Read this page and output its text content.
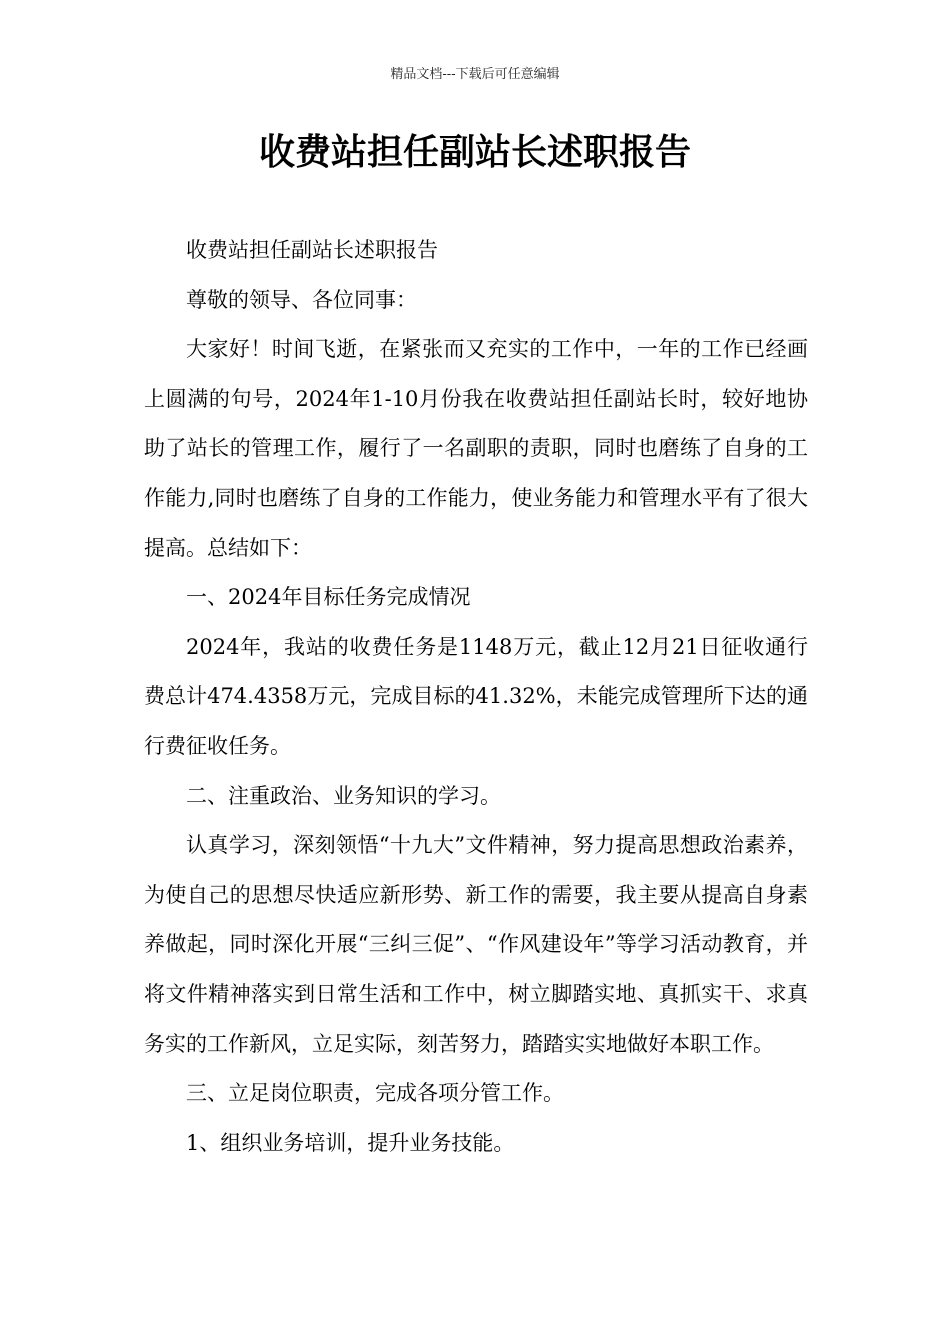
精品文档---下载后可任意编辑
收费站担任副站长述职报告

收费站担任副站长述职报告

尊敬的领导、各位同事：

大家好！时间飞逝，在紧张而又充实的工作中，一年的工作已经画上圆满的句号，2024年1-10月份我在收费站担任副站长时，较好地协助了站长的管理工作，履行了一名副职的责职，同时也磨练了自身的工作能力,同时也磨练了自身的工作能力，使业务能力和管理水平有了很大提高。总结如下：

一、2024年目标任务完成情况

2024年，我站的收费任务是1148万元，截止12月21日征收通行费总计474.4358万元，完成目标的41.32%，未能完成管理所下达的通行费征收任务。

二、注重政治、业务知识的学习。

认真学习，深刻领悟“十九大”文件精神，努力提高思想政治素养，为使自己的思想尽快适应新形势、新工作的需要，我主要从提高自身素养做起，同时深化开展“三纠三促”、“作风建设年”等学习活动教育，并将文件精神落实到日常生活和工作中，树立脚踏实地、真抓实干、求真务实的工作新风，立足实际，刻苦努力，踏踏实实地做好本职工作。

三、立足岗位职责，完成各项分管工作。

1、组织业务培训，提升业务技能。
